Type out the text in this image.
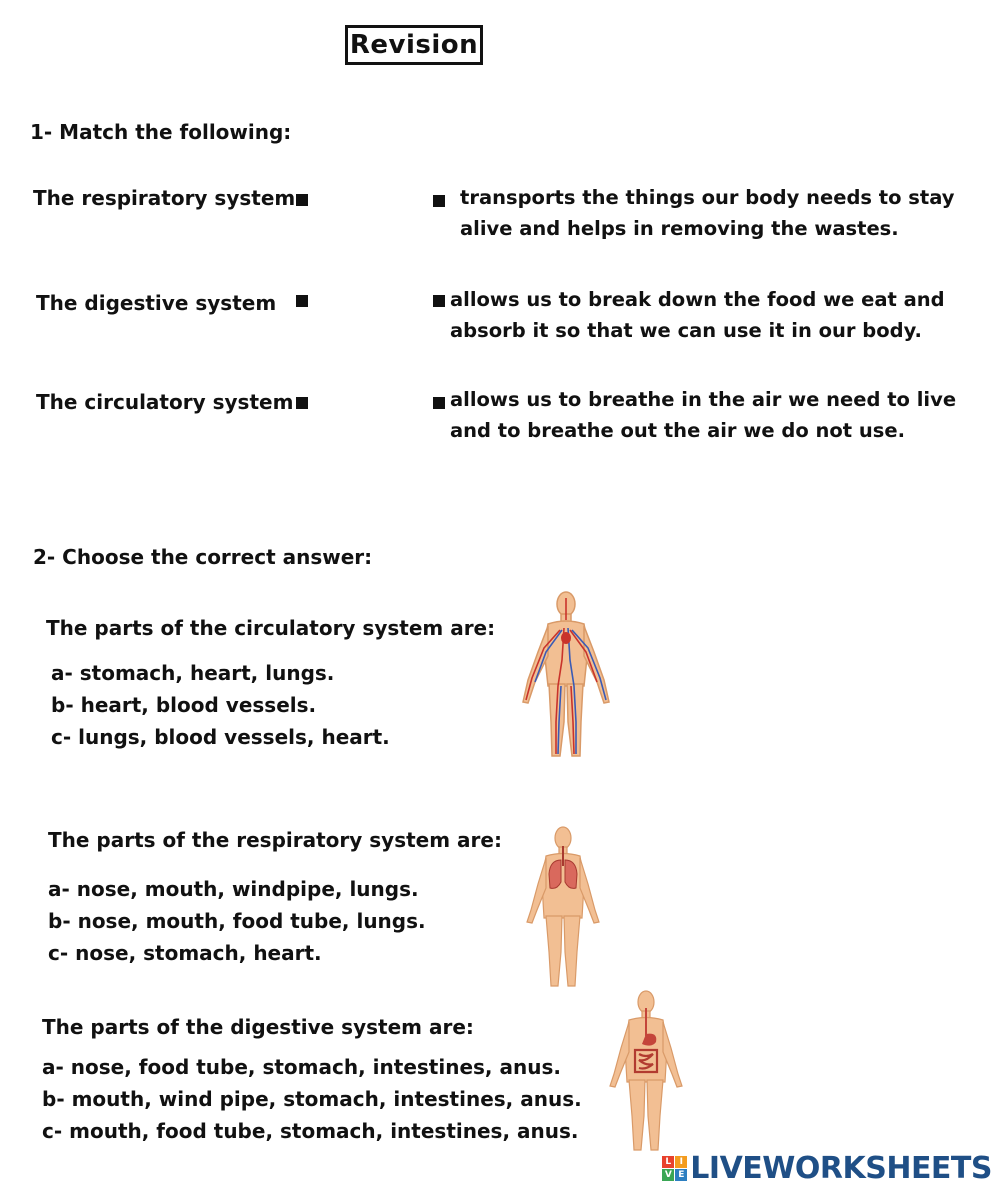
Revision
1- Match the following:
The respiratory system
The digestive system
The circulatory system
transports the things our body needs to stay
alive and helps in removing the wastes.
allows us to break down the food we eat and
absorb it so that we can use it in our body.
allows us to breathe in the air we need to live
and to breathe out the air we do not use.
2- Choose the correct answer:
The parts of the circulatory system are:
a- stomach, heart, lungs.
b- heart, blood vessels.
c- lungs, blood vessels, heart.
The parts of the respiratory system are:
a- nose, mouth, windpipe, lungs.
b- nose, mouth, food tube, lungs.
c- nose, stomach, heart.
The parts of the digestive system are:
a- nose, food tube, stomach, intestines, anus.
b- mouth, wind pipe, stomach, intestines, anus.
c- mouth, food tube, stomach, intestines, anus.
L I
V E LIVEWORKSHEETS
